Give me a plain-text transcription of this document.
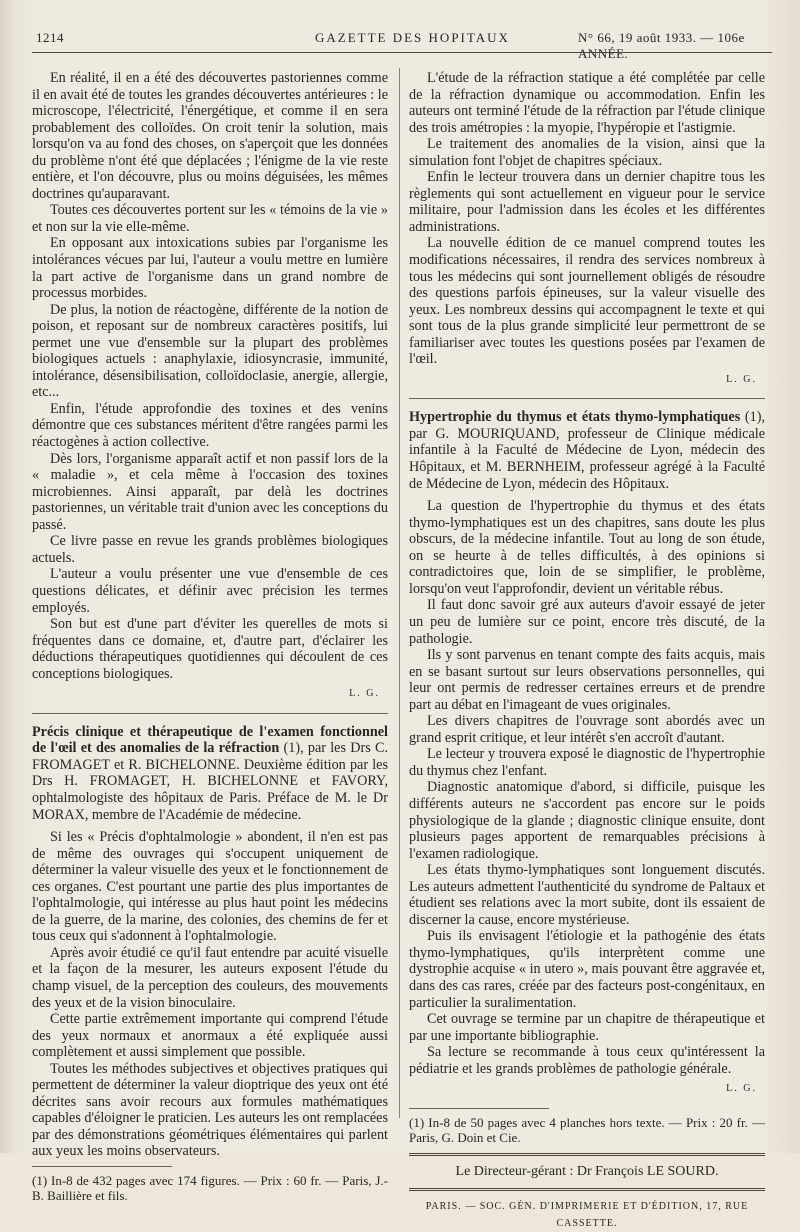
1214	GAZETTE DES HOPITAUX	N° 66, 19 août 1933. — 106e ANNÉE.

En réalité, il en a été des découvertes pastoriennes comme il en avait été de toutes les grandes découvertes antérieures : le microscope, l'électricité, l'énergétique, et comme il en sera probablement des colloïdes. On croit tenir la solution, mais lorsqu'on va au fond des choses, on s'aperçoit que les données du problème n'ont été que déplacées ; l'énigme de la vie reste entière, et l'on découvre, plus ou moins déguisées, les mêmes doctrines qu'auparavant.

Toutes ces découvertes portent sur les « témoins de la vie » et non sur la vie elle-même.

En opposant aux intoxications subies par l'organisme les intolérances vécues par lui, l'auteur a voulu mettre en lumière la part active de l'organisme dans un grand nombre de processus morbides.

De plus, la notion de réactogène, différente de la notion de poison, et reposant sur de nombreux caractères positifs, lui permet une vue d'ensemble sur la plupart des problèmes biologiques actuels : anaphylaxie, idiosyncrasie, immunité, intolérance, désensibilisation, colloïdoclasie, anergie, allergie, etc...

Enfin, l'étude approfondie des toxines et des venins démontre que ces substances méritent d'être rangées parmi les réactogènes à action collective.

Dès lors, l'organisme apparaît actif et non passif lors de la « maladie », et cela même à l'occasion des toxines microbiennes. Ainsi apparaît, par delà les doctrines pastoriennes, un véritable trait d'union avec les conceptions du passé.

Ce livre passe en revue les grands problèmes biologiques actuels.

L'auteur a voulu présenter une vue d'ensemble de ces questions délicates, et définir avec précision les termes employés.

Son but est d'une part d'éviter les querelles de mots si fréquentes dans ce domaine, et, d'autre part, d'éclairer les déductions thérapeutiques quotidiennes qui découlent de ces conceptions biologiques.

L. G.

Précis clinique et thérapeutique de l'examen fonctionnel de l'œil et des anomalies de la réfraction (1), par les Drs C. FROMAGET et R. BICHELONNE. Deuxième édition par les Drs H. FROMAGET, H. BICHELONNE et FAVORY, ophtalmologiste des hôpitaux de Paris. Préface de M. le Dr MORAX, membre de l'Académie de médecine.

Si les « Précis d'ophtalmologie » abondent, il n'en est pas de même des ouvrages qui s'occupent uniquement de déterminer la valeur visuelle des yeux et le fonctionnement de ces organes. C'est pourtant une partie des plus importantes de l'ophtalmologie, qui intéresse au plus haut point les médecins de la guerre, de la marine, des colonies, des chemins de fer et tous ceux qui s'adonnent à l'ophtalmologie.

Après avoir étudié ce qu'il faut entendre par acuité visuelle et la façon de la mesurer, les auteurs exposent l'étude du champ visuel, de la perception des couleurs, des mouvements des yeux et de la vision binoculaire.

Cette partie extrêmement importante qui comprend l'étude des yeux normaux et anormaux a été expliquée aussi complètement et aussi simplement que possible.

Toutes les méthodes subjectives et objectives pratiques qui permettent de déterminer la valeur dioptrique des yeux ont été décrites sans avoir recours aux formules mathématiques capables d'éloigner le praticien. Les auteurs les ont remplacées par des démonstrations géométriques élémentaires qui parlent aux yeux les moins observateurs.

(1) In-8 de 432 pages avec 174 figures. — Prix : 60 fr. — Paris, J.-B. Baillière et fils.

L'étude de la réfraction statique a été complétée par celle de la réfraction dynamique ou accommodation. Enfin les auteurs ont terminé l'étude de la réfraction par l'étude clinique des trois amétropies : la myopie, l'hypéropie et l'astigmie.

Le traitement des anomalies de la vision, ainsi que la simulation font l'objet de chapitres spéciaux.

Enfin le lecteur trouvera dans un dernier chapitre tous les règlements qui sont actuellement en vigueur pour le service militaire, pour l'admission dans les écoles et les différentes administrations.

La nouvelle édition de ce manuel comprend toutes les modifications nécessaires, il rendra des services nombreux à tous les médecins qui sont journellement obligés de résoudre des questions parfois épineuses, sur la valeur visuelle des yeux. Les nombreux dessins qui accompagnent le texte et qui sont tous de la plus grande simplicité leur permettront de se familiariser avec toutes les questions posées par l'examen de l'œil.

L. G.

Hypertrophie du thymus et états thymo-lymphatiques (1), par G. MOURIQUAND, professeur de Clinique médicale infantile à la Faculté de Médecine de Lyon, médecin des Hôpitaux, et M. BERNHEIM, professeur agrégé à la Faculté de Médecine de Lyon, médecin des Hôpitaux.

La question de l'hypertrophie du thymus et des états thymo-lymphatiques est un des chapitres, sans doute les plus obscurs, de la médecine infantile. Tout au long de son étude, on se heurte à de telles difficultés, à des opinions si contradictoires que, loin de se simplifier, le problème, lorsqu'on veut l'approfondir, devient un véritable rébus.

Il faut donc savoir gré aux auteurs d'avoir essayé de jeter un peu de lumière sur ce point, encore très discuté, de la pathologie.

Ils y sont parvenus en tenant compte des faits acquis, mais en se basant surtout sur leurs observations personnelles, qui leur ont permis de redresser certaines erreurs et de prendre part au débat en l'imageant de vues originales.

Les divers chapitres de l'ouvrage sont abordés avec un grand esprit critique, et leur intérêt s'en accroît d'autant.

Le lecteur y trouvera exposé le diagnostic de l'hypertrophie du thymus chez l'enfant.

Diagnostic anatomique d'abord, si difficile, puisque les différents auteurs ne s'accordent pas encore sur le poids physiologique de la glande ; diagnostic clinique ensuite, dont plusieurs pages apportent de remarquables précisions à l'examen radiologique.

Les états thymo-lymphatiques sont longuement discutés. Les auteurs admettent l'authenticité du syndrome de Paltaux et étudient ses relations avec la mort subite, dont ils essaient de discerner la cause, encore mystérieuse.

Puis ils envisagent l'étiologie et la pathogénie des états thymo-lymphatiques, qu'ils interprètent comme une dystrophie acquise « in utero », mais pouvant être aggravée et, dans des cas rares, créée par des facteurs post-congénitaux, en particulier la suralimentation.

Cet ouvrage se termine par un chapitre de thérapeutique et par une importante bibliographie.

Sa lecture se recommande à tous ceux qu'intéressent la pédiatrie et les grands problèmes de pathologie générale.

L. G.

(1) In-8 de 50 pages avec 4 planches hors texte. — Prix : 20 fr. — Paris, G. Doin et Cie.

Le Directeur-gérant : Dr François LE SOURD.

PARIS. — SOC. GÉN. D'IMPRIMERIE ET D'ÉDITION, 17, RUE CASSETTE.
